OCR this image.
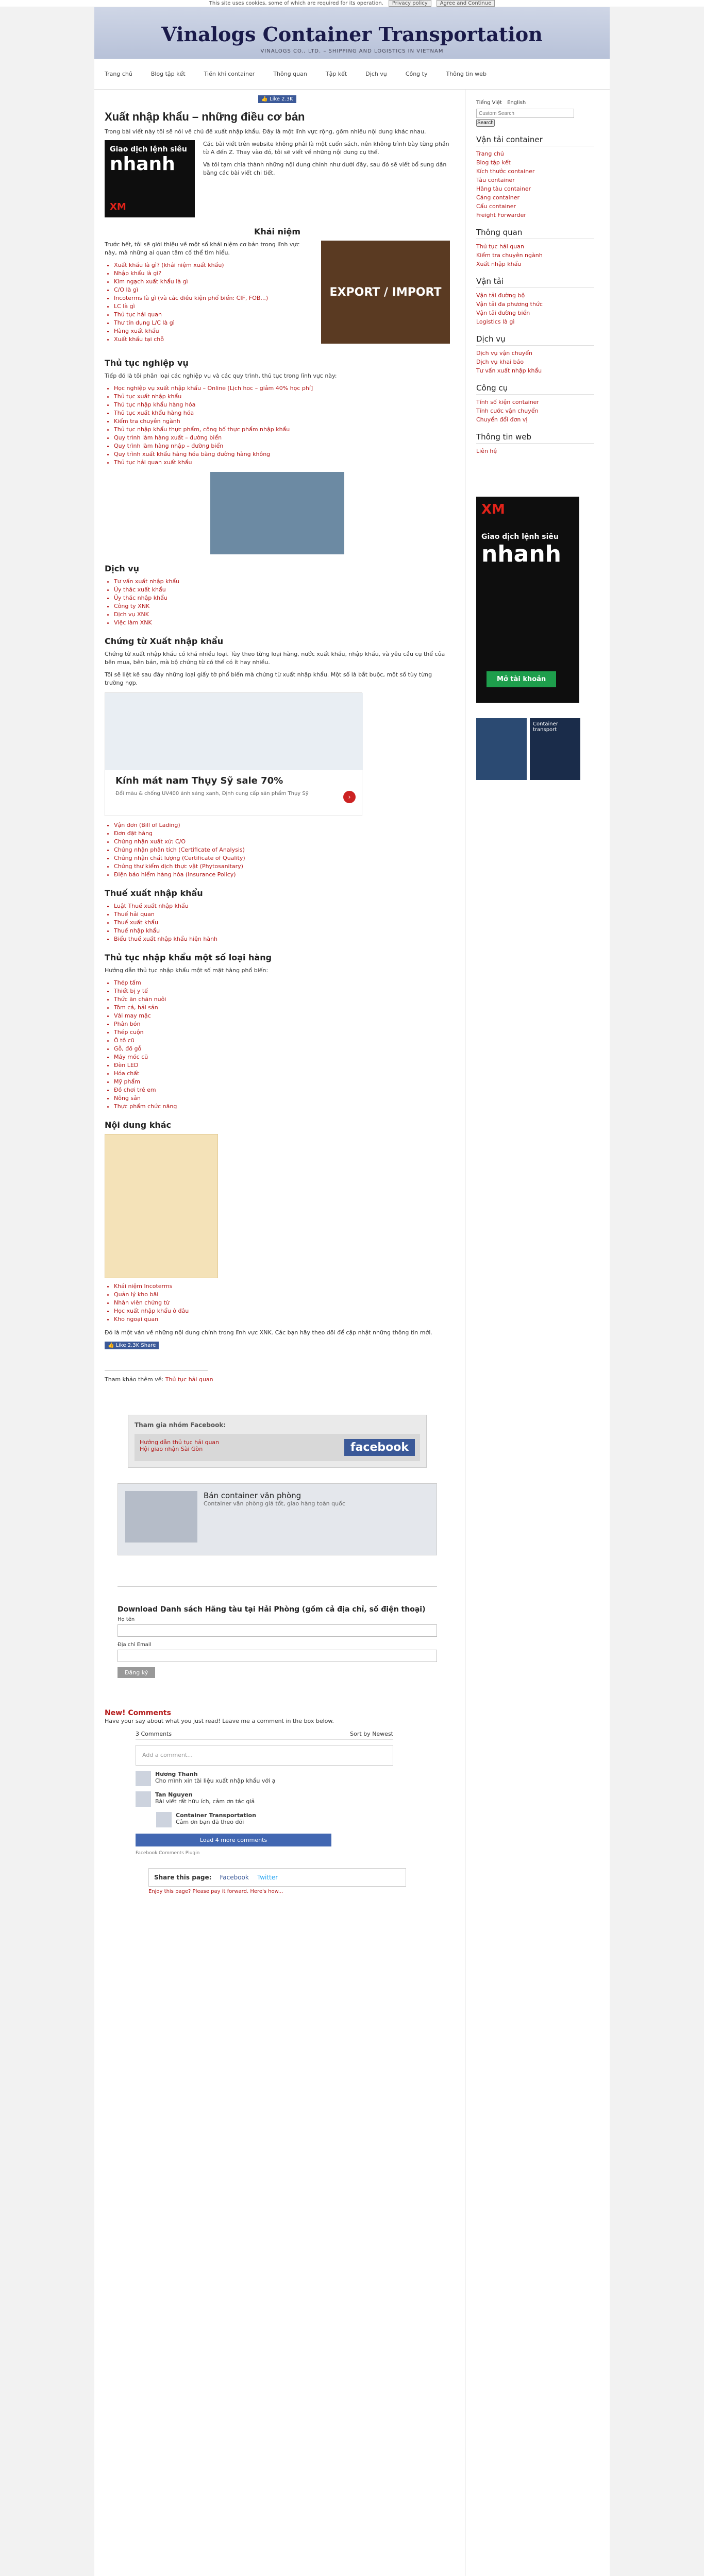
This site uses cookies, some of which are required for its operation.	Privacy policy	Agree and Continue
Vinalogs Container Transportation
VINALOGS CO., LTD. – SHIPPING AND LOGISTICS IN VIETNAM
Trang chủ	Blog tập kết	Tiền khí container	Thông quan	Tập kết	Dịch vụ	Cồng ty	Thông tin web
👍 Like 2.3K
Xuất nhập khẩu – những điều cơ bản

Trong bài viết này tôi sẽ nói về chủ đề xuất nhập khẩu. Đây là một lĩnh vực rộng, gồm nhiều nội dung khác nhau.

Giao dịch lệnh siêu
nhanh
XM

Các bài viết trên website không phải là một cuốn sách, nên không trình bày từng phần từ A đến Z. Thay vào đó, tôi sẽ viết về những nội dung cụ thể.

Và tôi tạm chia thành những nội dung chính như dưới đây, sau đó sẽ viết bổ sung dần bằng các bài viết chi tiết.

Khái niệm

Trước hết, tôi sẽ giới thiệu về một số khái niệm cơ bản trong lĩnh vực này, mà những ai quan tâm cố thể tìm hiểu.

• Xuất khẩu là gì? (khái niệm xuất khẩu)
• Nhập khẩu là gì?
• Kim ngạch xuất khẩu là gì
• C/O là gì
• Incoterms là gì (và các điều kiện phổ biến: CIF, FOB...)
• LC là gì
• Thủ tục hải quan
• Thư tín dụng L/C là gì
• Hàng xuất khẩu
• Xuất khẩu tại chỗ
EXPORT / IMPORT
Thủ tục nghiệp vụ

Tiếp đó là tôi phân loại các nghiệp vụ và các quy trình, thủ tục trong lĩnh vực này:

• Học nghiệp vụ xuất nhập khẩu – Online [Lịch hoc – giảm 40% học phí]
• Thủ tục xuất nhập khẩu
• Thủ tục nhập khẩu hàng hóa
• Thủ tục xuất khẩu hàng hóa
• Kiểm tra chuyên ngành
• Thủ tục nhập khẩu thực phẩm, công bố thực phẩm nhập khẩu
• Quy trình làm hàng xuất – đường biển
• Quy trình làm hàng nhập – đường biển
• Quy trình xuất khẩu hàng hóa bằng đường hàng không
• Thủ tục hải quan xuất khẩu
Dịch vụ
• Tư vấn xuất nhập khẩu
• Ủy thác xuất khẩu
• Ủy thác nhập khẩu
• Công ty XNK
• Dịch vụ XNK
• Việc làm XNK
Chứng từ Xuất nhập khẩu

Chứng từ xuất nhập khẩu có khá nhiều loại. Tùy theo từng loại hàng, nước xuất khẩu, nhập khẩu, và yêu cầu cụ thể của bên mua, bên bán, mà bộ chứng từ có thể có ít hay nhiều.

Tôi sẽ liệt kê sau đây những loại giấy tờ phổ biến mà chứng từ xuất nhập khẩu. Một số là bắt buộc, một số tùy từng trường hợp.

Kính mát nam Thụy Sỹ sale 70%
Đổi màu & chống UV400 ánh sáng xanh, Định cung cấp sản phẩm Thụy Sỹ	›
• Vận đơn (Bill of Lading)
• Đơn đặt hàng
• Chứng nhận xuất xứ: C/O
• Chứng nhận phân tích (Certificate of Analysis)
• Chứng nhận chất lượng (Certificate of Quality)
• Chứng thư kiểm dịch thực vật (Phytosanitary)
• Điện bảo hiểm hàng hóa (Insurance Policy)
Thuế xuất nhập khẩu
• Luật Thuế xuất nhập khẩu
• Thuế hải quan
• Thuế xuất khẩu
• Thuế nhập khẩu
• Biểu thuế xuất nhập khẩu hiện hành
Thủ tục nhập khẩu một số loại hàng

Hướng dẫn thủ tục nhập khẩu một số mặt hàng phổ biến:

• Thép tấm
• Thiết bị y tế
• Thức ăn chăn nuôi
• Tôm cá, hải sản
• Vải may mặc
• Phân bón
• Thép cuộn
• Ô tô cũ
• Gỗ, đồ gỗ
• Máy móc cũ
• Đèn LED
• Hóa chất
• Mỹ phẩm
• Đồ chơi trẻ em
• Nông sản
• Thực phẩm chức năng
Nội dung khác
• Khái niệm Incoterms
• Quản lý kho bãi
• Nhân viên chứng từ
• Học xuất nhập khẩu ở đâu
• Kho ngoại quan

Đó là một ván về những nội dung chính trong lĩnh vực XNK. Các bạn hãy theo dõi để cập nhật những thông tin mới.

👍 Like 2.3K Share

Tham khảo thêm về: Thủ tục hải quan

Tham gia nhóm Facebook:
Hướng dẫn thủ tục hải quan
Hội giao nhận Sài Gòn	facebook
Bán container văn phòng
Container văn phòng giá tốt, giao hàng toàn quốc
Download Danh sách Hãng tàu tại Hải Phòng (gồm cả địa chỉ, số điện thoại)
Họ tên
Địa chỉ Email
Đăng ký
New! Comments

Have your say about what you just read! Leave me a comment in the box below.

3 Comments	Sort by Newest
Add a comment...
Hương Thanh
Cho mình xin tài liệu xuất nhập khẩu với ạ
Tan Nguyen
Bài viết rất hữu ích, cảm ơn tác giả
Container Transportation
Cảm ơn bạn đã theo dõi
Load 4 more comments
Facebook Comments Plugin
Share this page: Facebook Twitter
Enjoy this page? Please pay it forward. Here's how...
Tiếng Việt English
Custom Search
Search
Vận tải container
Trang chủ
Blog tập kết
Kích thước container
Tàu container
Hãng tàu container
Cảng container
Cẩu container
Freight Forwarder
Thông quan
Thủ tục hải quan
Kiểm tra chuyên ngành
Xuất nhập khẩu
Vận tải
Vận tải đường bộ
Vận tải đa phương thức
Vận tải đường biển
Logistics là gì
Dịch vụ
Dịch vụ vận chuyển
Dịch vụ khai báo
Tư vấn xuất nhập khẩu
Công cụ
Tính số kiện container
Tính cước vận chuyển
Chuyển đổi đơn vị
Thông tin web
Liên hệ
XM
Giao dịch lệnh siêu
nhanh
Mở tài khoản
Container transport
